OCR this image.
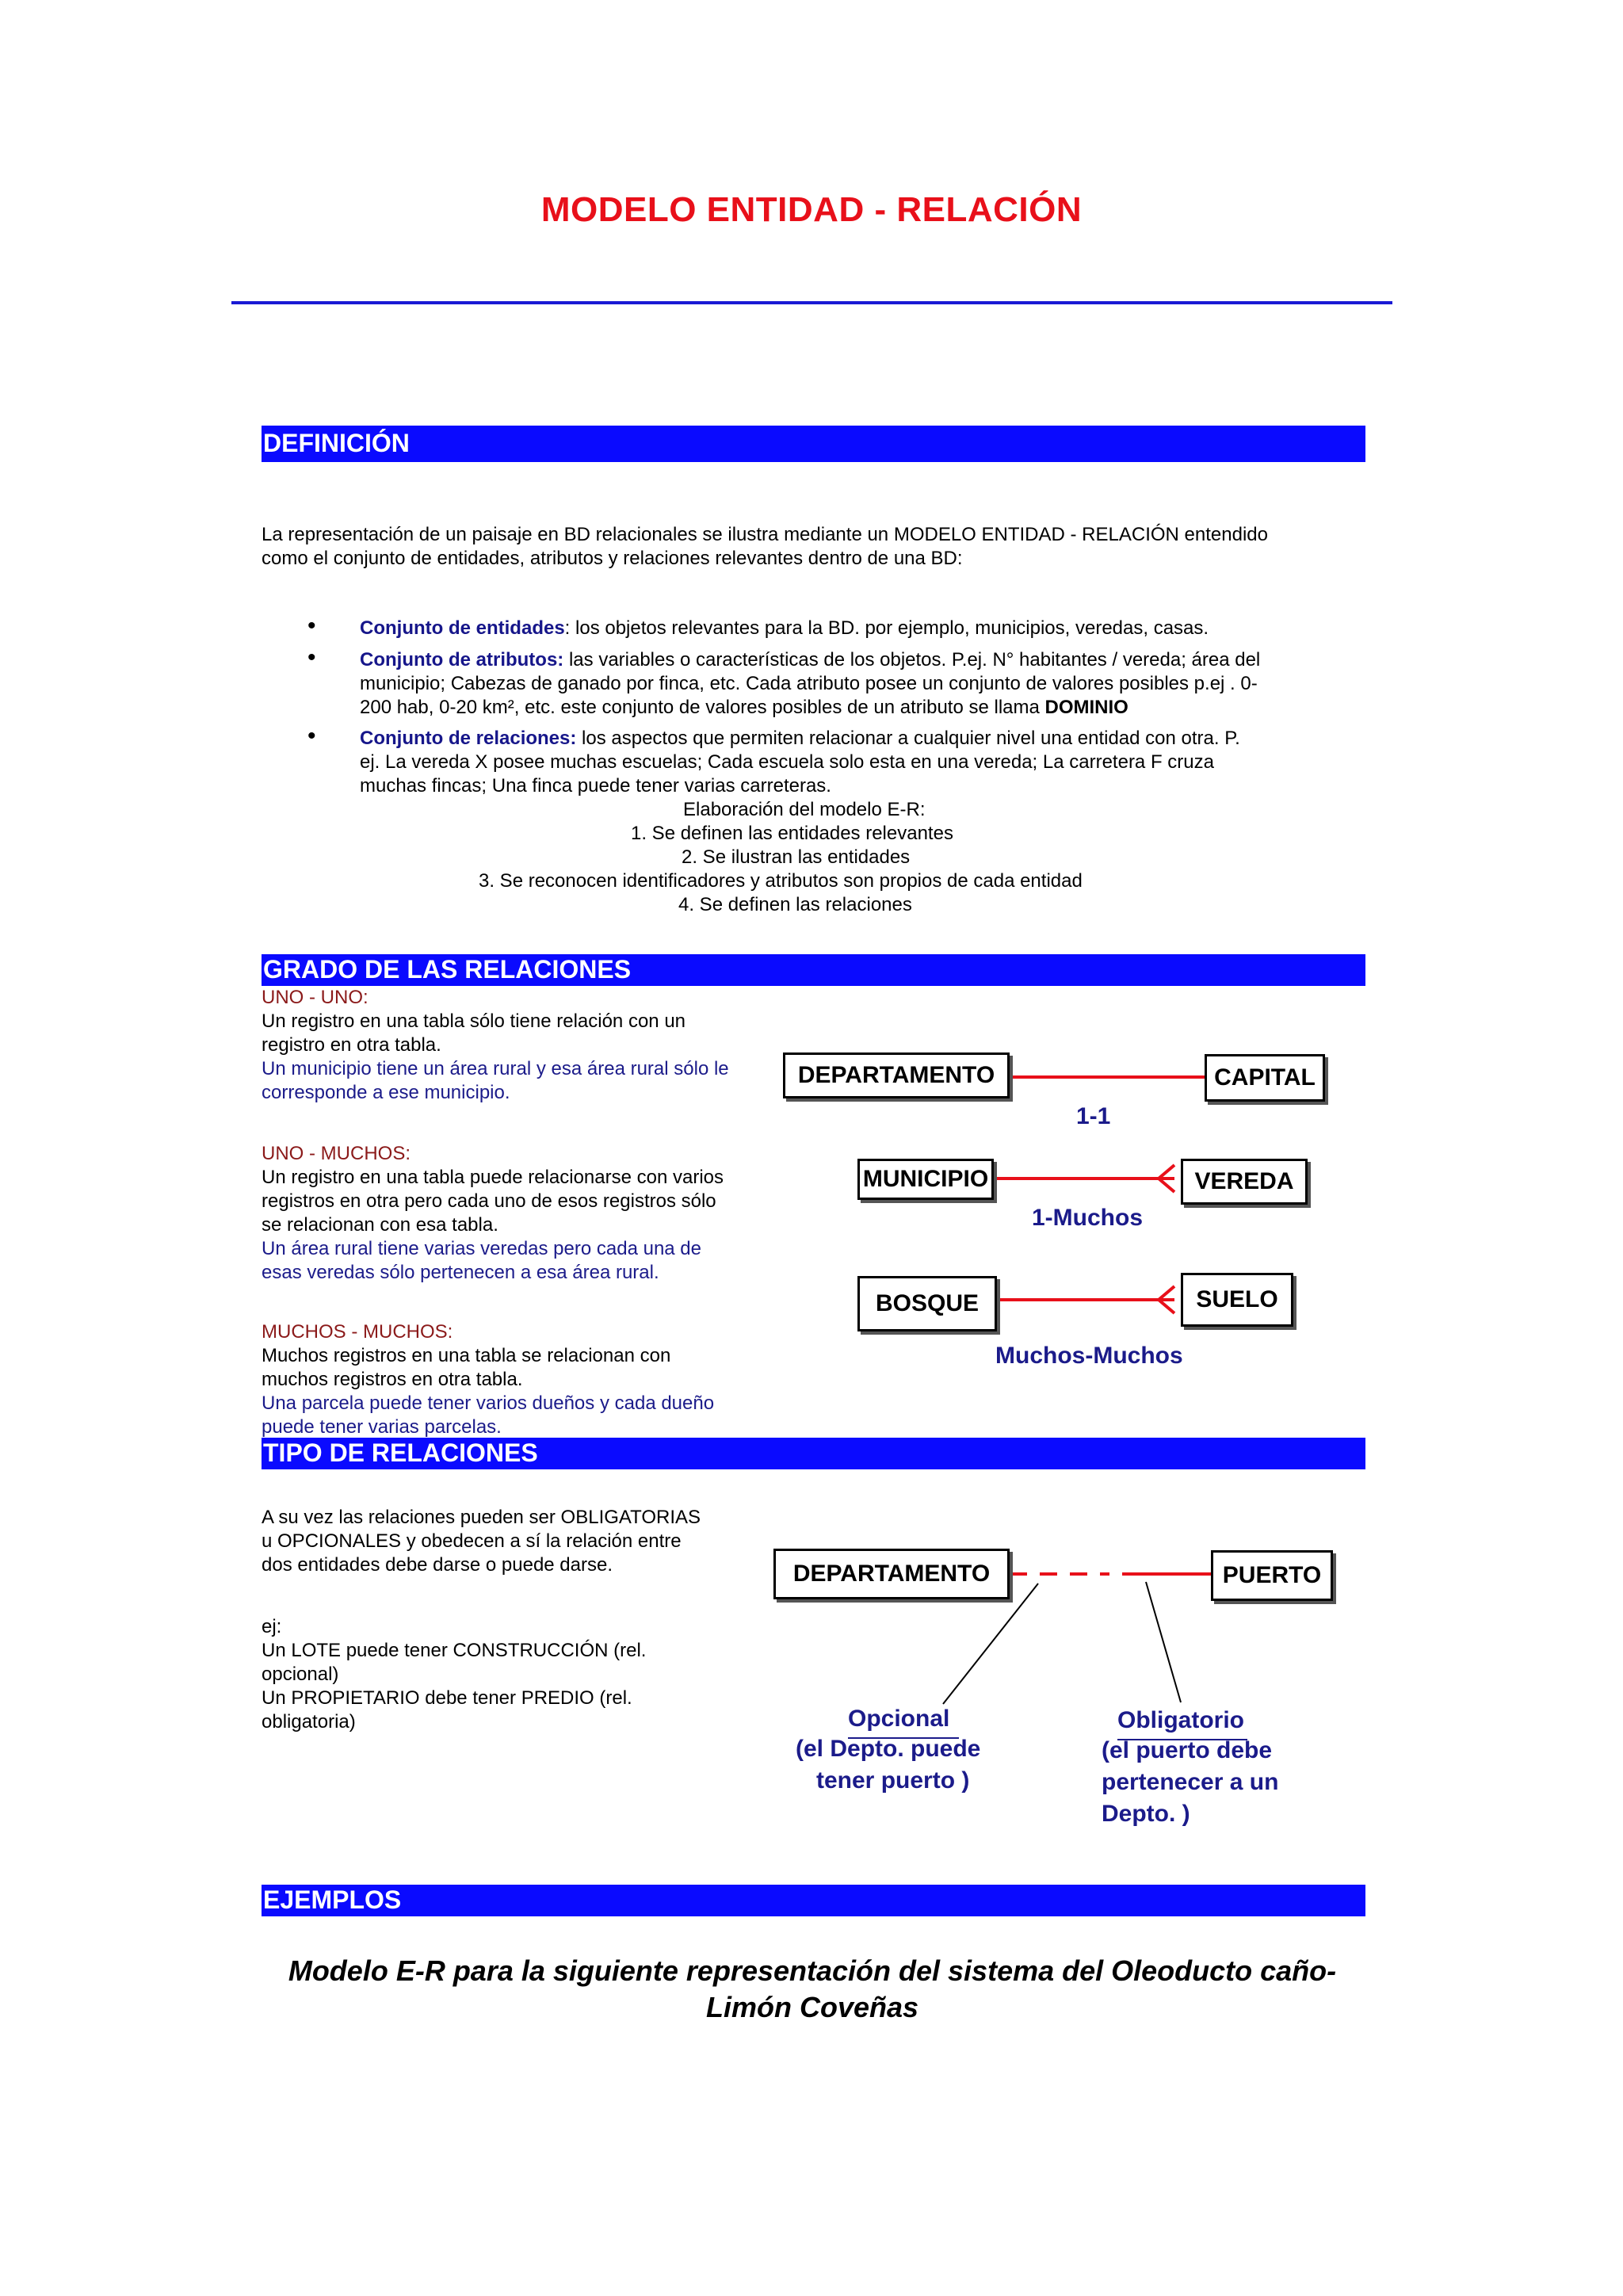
MODELO ENTIDAD - RELACIÓN
DEFINICIÓN
La representación de un paisaje en BD relacionales se ilustra mediante un MODELO ENTIDAD - RELACIÓN entendido
como el conjunto de entidades, atributos y relaciones relevantes dentro de una BD:
• Conjunto de entidades: los objetos relevantes para la BD. por ejemplo, municipios, veredas, casas.
• Conjunto de atributos: las variables o características de los objetos. P.ej. N° habitantes / vereda; área del
municipio; Cabezas de ganado por finca, etc. Cada atributo posee un conjunto de valores posibles p.ej . 0-
200 hab, 0-20 km², etc. este conjunto de valores posibles de un atributo se llama DOMINIO
• Conjunto de relaciones: los aspectos que permiten relacionar a cualquier nivel una entidad con otra. P.
ej. La vereda X posee muchas escuelas; Cada escuela solo esta en una vereda; La carretera F cruza
muchas fincas; Una finca puede tener varias carreteras.
Elaboración del modelo E-R:
1. Se definen las entidades relevantes
2. Se ilustran las entidades
3. Se reconocen identificadores y atributos son propios de cada entidad
4. Se definen las relaciones
GRADO DE LAS RELACIONES
UNO - UNO:
Un registro en una tabla sólo tiene relación con un
registro en otra tabla.
Un municipio tiene un área rural y esa área rural sólo le
corresponde a ese municipio.
UNO - MUCHOS:
Un registro en una tabla puede relacionarse con varios
registros en otra pero cada uno de esos registros sólo
se relacionan con esa tabla.
Un área rural tiene varias veredas pero cada una de
esas veredas sólo pertenecen a esa área rural.
MUCHOS - MUCHOS:
Muchos registros en una tabla se relacionan con
muchos registros en otra tabla.
Una parcela puede tener varios dueños y cada dueño
puede tener varias parcelas.
DEPARTAMENTO	CAPITAL
1-1
MUNICIPIO	VEREDA
1-Muchos
BOSQUE	SUELO
Muchos-Muchos
TIPO DE RELACIONES
A su vez las relaciones pueden ser OBLIGATORIAS
u OPCIONALES y obedecen a sí la relación entre
dos entidades debe darse o puede darse.
ej:
Un LOTE puede tener CONSTRUCCIÓN (rel.
opcional)
Un PROPIETARIO debe tener PREDIO (rel.
obligatoria)
DEPARTAMENTO	PUERTO
Opcional
(el Depto. puede
tener puerto )
Obligatorio
(el puerto debe
pertenecer a un
Depto. )
EJEMPLOS
Modelo E-R para la siguiente representación del sistema del Oleoducto caño-
Limón Coveñas
